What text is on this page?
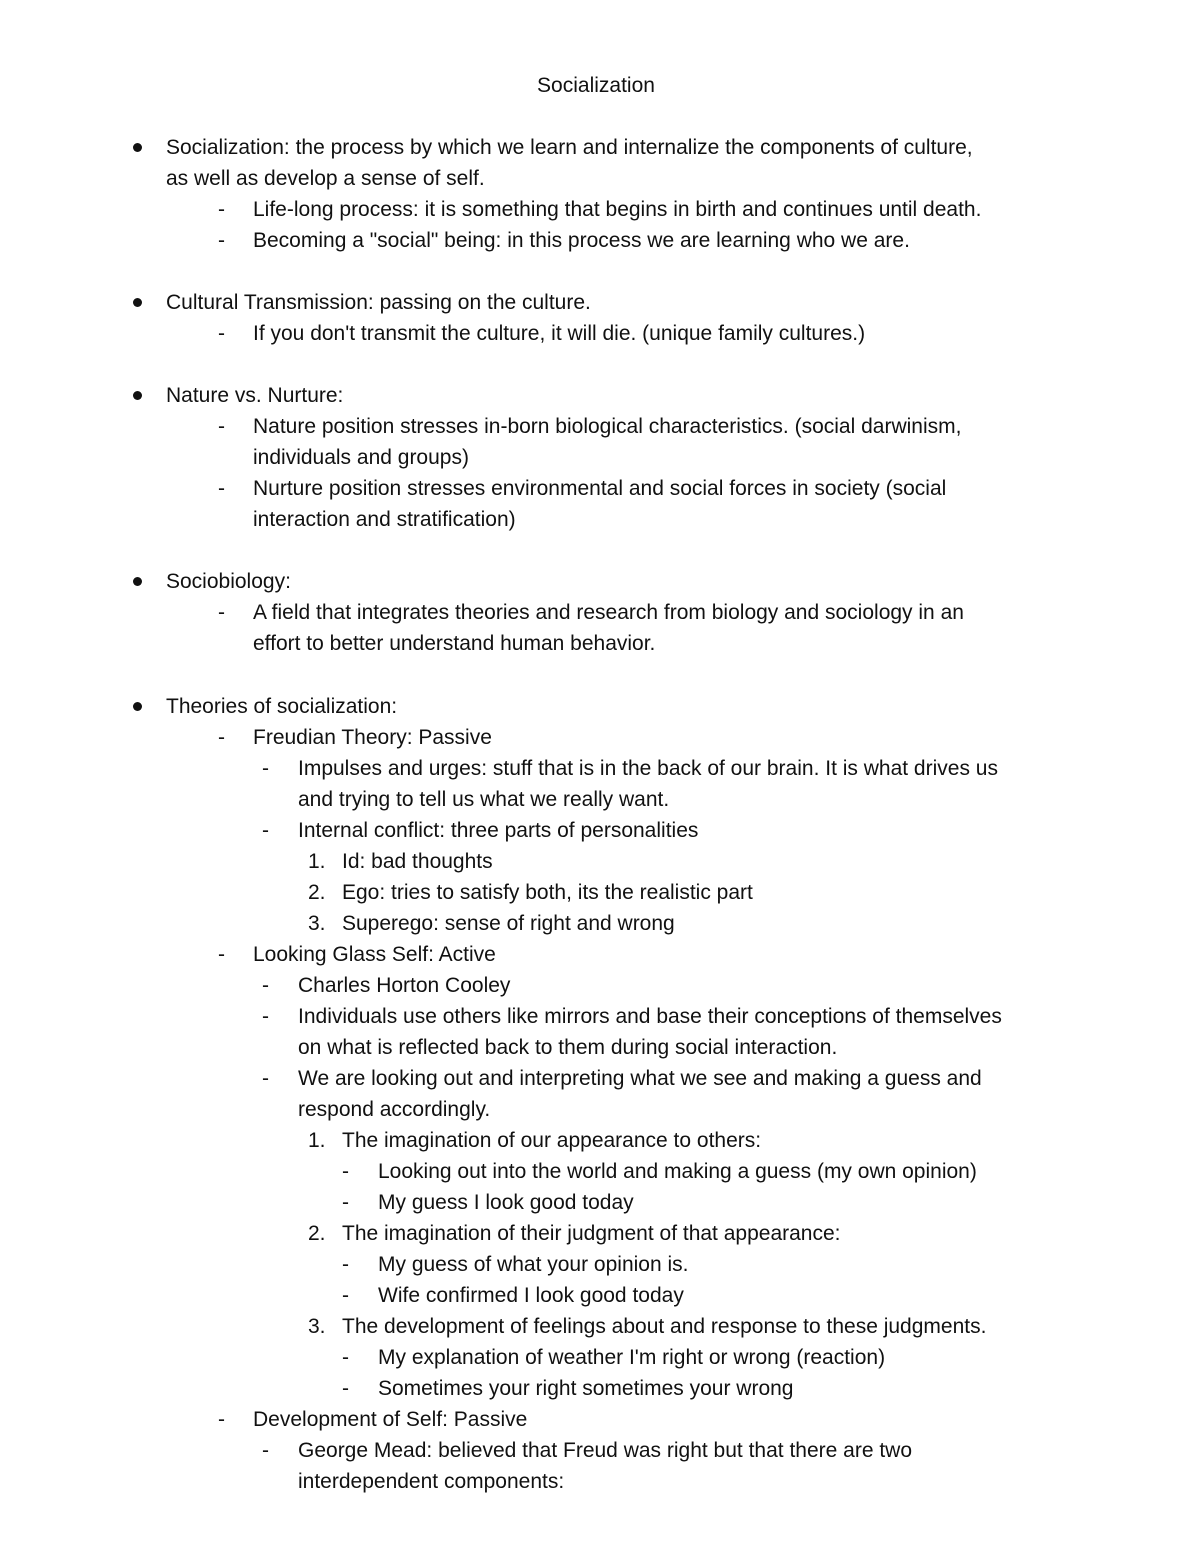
Socialization
Socialization: the process by which we learn and internalize the components of culture,
as well as develop a sense of self.
- Life-long process: it is something that begins in birth and continues until death.
- Becoming a "social" being: in this process we are learning who we are.
Cultural Transmission: passing on the culture.
- If you don't transmit the culture, it will die. (unique family cultures.)
Nature vs. Nurture:
- Nature position stresses in-born biological characteristics. (social darwinism,
individuals and groups)
- Nurture position stresses environmental and social forces in society (social
interaction and stratification)
Sociobiology:
- A field that integrates theories and research from biology and sociology in an
effort to better understand human behavior.
Theories of socialization:
- Freudian Theory: Passive
- Impulses and urges: stuff that is in the back of our brain. It is what drives us
and trying to tell us what we really want.
- Internal conflict: three parts of personalities
1. Id: bad thoughts
2. Ego: tries to satisfy both, its the realistic part
3. Superego: sense of right and wrong
- Looking Glass Self: Active
- Charles Horton Cooley
- Individuals use others like mirrors and base their conceptions of themselves
on what is reflected back to them during social interaction.
- We are looking out and interpreting what we see and making a guess and
respond accordingly.
1. The imagination of our appearance to others:
- Looking out into the world and making a guess (my own opinion)
- My guess I look good today
2. The imagination of their judgment of that appearance:
- My guess of what your opinion is.
- Wife confirmed I look good today
3. The development of feelings about and response to these judgments.
- My explanation of weather I'm right or wrong (reaction)
- Sometimes your right sometimes your wrong
- Development of Self: Passive
- George Mead: believed that Freud was right but that there are two
interdependent components:
